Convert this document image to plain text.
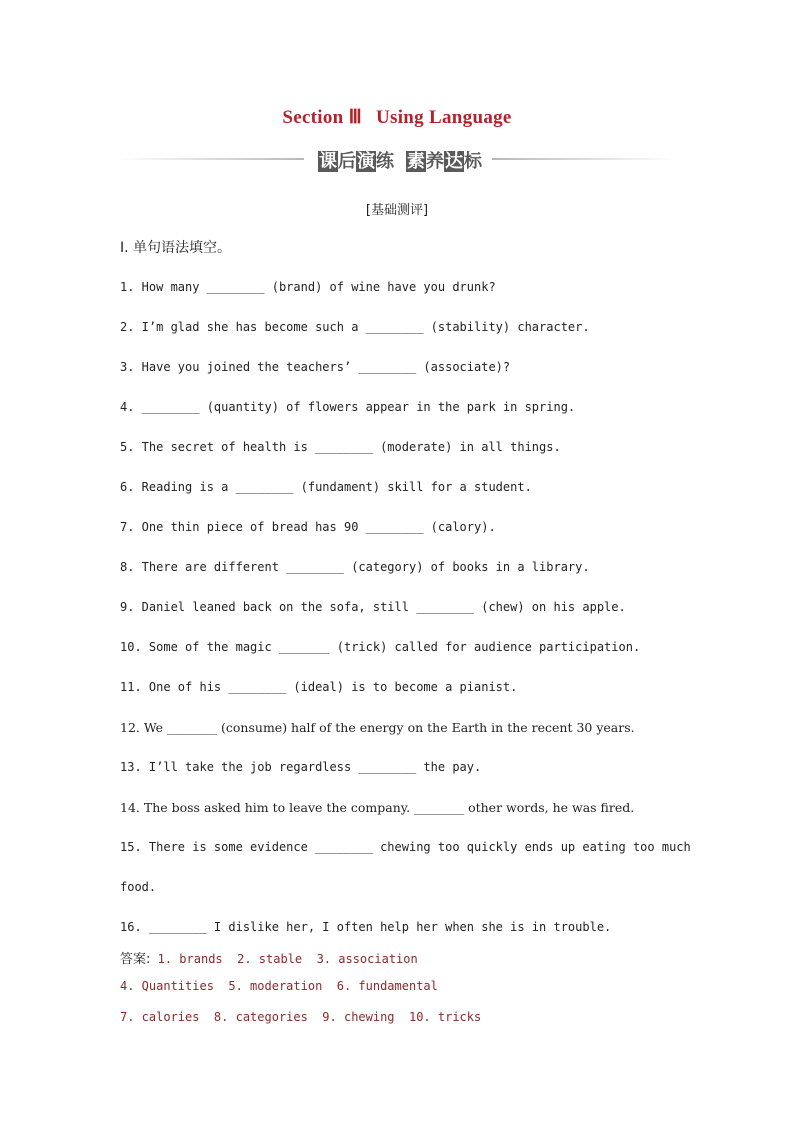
Section Ⅲ Using Language
课后演练 素养达标
[基础测评]
Ⅰ. 单句语法填空。
1. How many ________ (brand) of wine have you drunk?
2. I’m glad she has become such a ________ (stability) character.
3. Have you joined the teachers’ ________ (associate)?
4. ________ (quantity) of flowers appear in the park in spring.
5. The secret of health is ________ (moderate) in all things.
6. Reading is a ________ (fundament) skill for a student.
7. One thin piece of bread has 90 ________ (calory).
8. There are different ________ (category) of books in a library.
9. Daniel leaned back on the sofa, still ________ (chew) on his apple.
10. Some of the magic _______ (trick) called for audience participation.
11. One of his ________ (ideal) is to become a pianist.
12. We ________ (consume) half of the energy on the Earth in the recent 30 years.
13. I’ll take the job regardless ________ the pay.
14. The boss asked him to leave the company. ________ other words, he was fired.
15. There is some evidence ________ chewing too quickly ends up eating too much
food.
16. ________ I dislike her, I often help her when she is in trouble.
答案: 1. brands  2. stable  3. association
4. Quantities  5. moderation  6. fundamental
7. calories  8. categories  9. chewing  10. tricks
